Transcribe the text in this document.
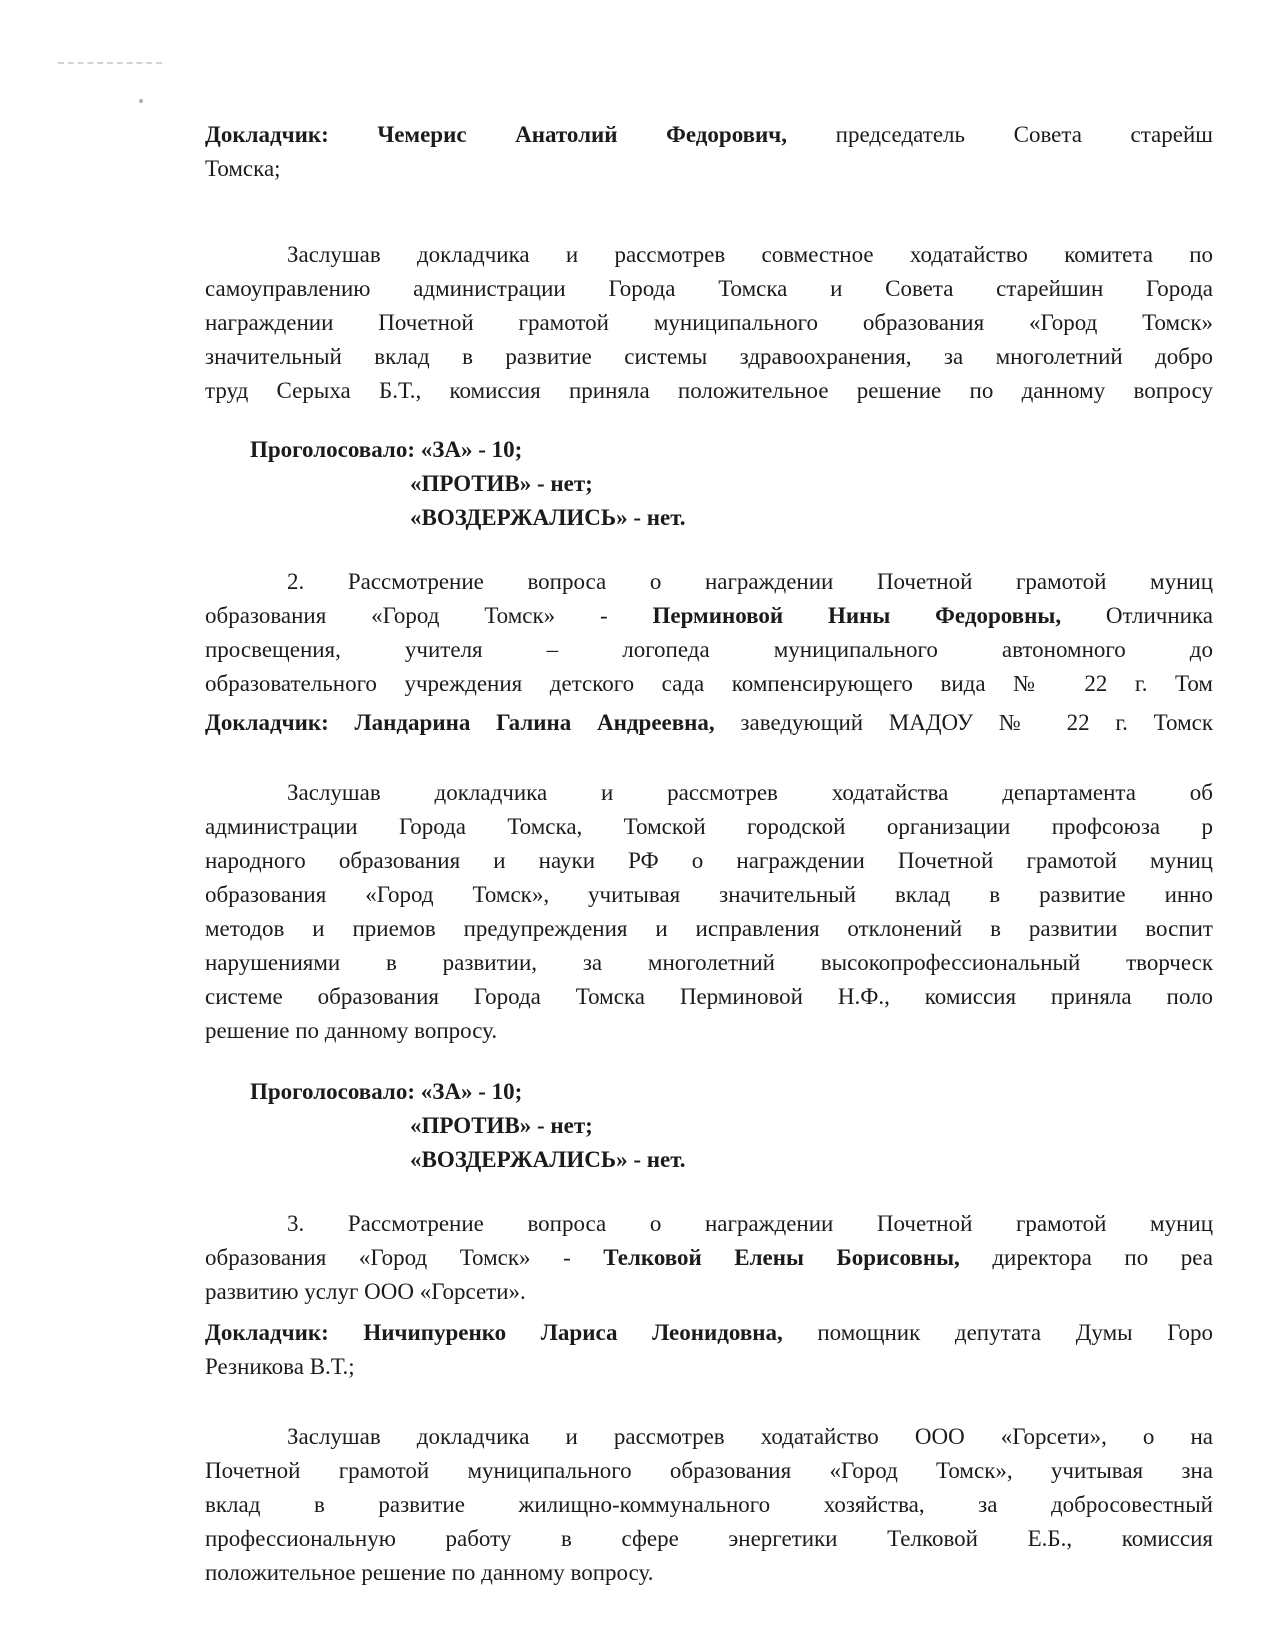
Докладчик: Чемерис Анатолий Федорович, председатель Совета старейш
Томска;
Заслушав докладчика и рассмотрев совместное ходатайство комитета по
самоуправлению администрации Города Томска и Совета старейшин Города
награждении Почетной грамотой муниципального образования «Город Томск»
значительный вклад в развитие системы здравоохранения, за многолетний добро
труд Серыха Б.Т., комиссия приняла положительное решение по данному вопросу
Проголосовало: «ЗА» - 10;
«ПРОТИВ» - нет;
«ВОЗДЕРЖАЛИСЬ» - нет.
2. Рассмотрение вопроса о награждении Почетной грамотой муниц
образования «Город Томск» - Перминовой Нины Федоровны, Отличника
просвещения, учителя – логопеда муниципального автономного до
образовательного учреждения детского сада компенсирующего вида № 22 г. Том
Докладчик: Ландарина Галина Андреевна, заведующий МАДОУ № 22 г. Томск
Заслушав докладчика и рассмотрев ходатайства департамента об
администрации Города Томска, Томской городской организации профсоюза р
народного образования и науки РФ о награждении Почетной грамотой муниц
образования «Город Томск», учитывая значительный вклад в развитие инно
методов и приемов предупреждения и исправления отклонений в развитии воспит
нарушениями в развитии, за многолетний высокопрофессиональный творческ
системе образования Города Томска Перминовой Н.Ф., комиссия приняла поло
решение по данному вопросу.
Проголосовало: «ЗА» - 10;
«ПРОТИВ» - нет;
«ВОЗДЕРЖАЛИСЬ» - нет.
3. Рассмотрение вопроса о награждении Почетной грамотой муниц
образования «Город Томск» - Телковой Елены Борисовны, директора по реа
развитию услуг ООО «Горсети».
Докладчик: Ничипуренко Лариса Леонидовна, помощник депутата Думы Горо
Резникова В.Т.;
Заслушав докладчика и рассмотрев ходатайство ООО «Горсети», о на
Почетной грамотой муниципального образования «Город Томск», учитывая зна
вклад в развитие жилищно-коммунального хозяйства, за добросовестный
профессиональную работу в сфере энергетики Телковой Е.Б., комиссия
положительное решение по данному вопросу.
